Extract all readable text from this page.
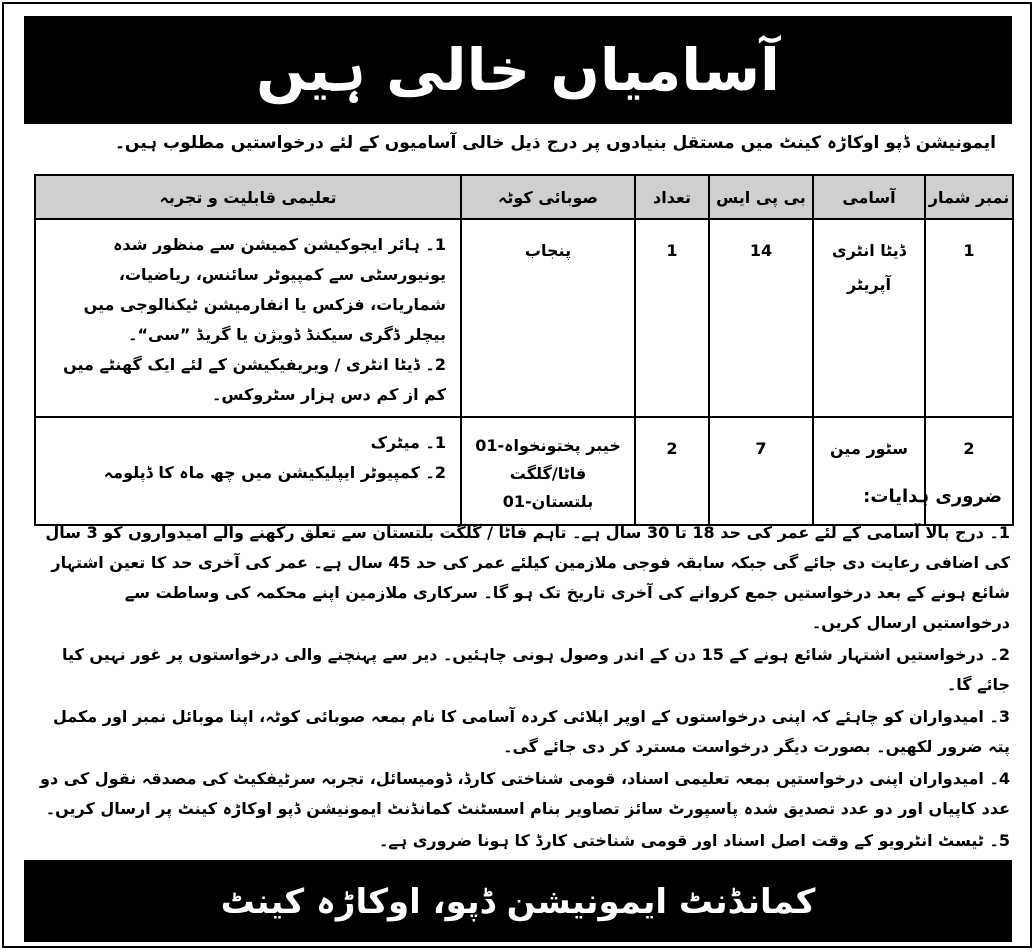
آسامیاں خالی ہیں
ایمونیشن ڈپو اوکاڑہ کینٹ میں مستقل بنیادوں پر درج ذیل خالی آسامیوں کے لئے درخواستیں مطلوب ہیں۔
نمبر شمار	آسامی	بی پی ایس	تعداد	صوبائی کوٹہ	تعلیمی قابلیت و تجربہ
1	ڈیٹا انٹری آپریٹر	14	1	پنجاب	1۔ ہائر ایجوکیشن کمیشن سے منظور شدہ یونیورسٹی سے کمپیوٹر سائنس، ریاضیات، شماریات، فزکس یا انفارمیشن ٹیکنالوجی میں بیچلر ڈگری سیکنڈ ڈویژن یا گریڈ ”سی“۔
2۔ ڈیٹا انٹری / ویریفیکیشن کے لئے ایک گھنٹے میں کم از کم دس ہزار سٹروکس۔

2	سٹور مین	7	2	خیبر پختونخواہ-01 فاٹا/گلگت بلتستان-01	1۔ میٹرک
2۔ کمپیوٹر ایپلیکیشن میں چھ ماہ کا ڈپلومہ
ضروری ہدایات:
1۔ درج بالا آسامی کے لئے عمر کی حد 18 تا 30 سال ہے۔ تاہم فاٹا / گلگت بلتستان سے تعلق رکھنے والے امیدواروں کو 3 سال کی اضافی رعایت دی جائے گی جبکہ سابقہ فوجی ملازمین کیلئے عمر کی حد 45 سال ہے۔ عمر کی آخری حد کا تعین اشتہار شائع ہونے کے بعد درخواستیں جمع کروانے کی آخری تاریخ تک ہو گا۔ سرکاری ملازمین اپنے محکمہ کی وساطت سے درخواستیں ارسال کریں۔
2۔ درخواستیں اشتہار شائع ہونے کے 15 دن کے اندر وصول ہونی چاہئیں۔ دیر سے پہنچنے والی درخواستوں پر غور نہیں کیا جائے گا۔
3۔ امیدواران کو چاہئے کہ اپنی درخواستوں کے اوپر اپلائی کردہ آسامی کا نام بمعہ صوبائی کوٹہ، اپنا موبائل نمبر اور مکمل پتہ ضرور لکھیں۔ بصورت دیگر درخواست مسترد کر دی جائے گی۔
4۔ امیدواران اپنی درخواستیں بمعہ تعلیمی اسناد، قومی شناختی کارڈ، ڈومیسائل، تجربہ سرٹیفکیٹ کی مصدقہ نقول کی دو عدد کاپیاں اور دو عدد تصدیق شدہ پاسپورٹ سائز تصاویر بنام اسسٹنٹ کمانڈنٹ ایمونیشن ڈپو اوکاڑہ کینٹ پر ارسال کریں۔
5۔ ٹیسٹ انٹرویو کے وقت اصل اسناد اور قومی شناختی کارڈ کا ہونا ضروری ہے۔
کمانڈنٹ ایمونیشن ڈپو، اوکاڑہ کینٹ
